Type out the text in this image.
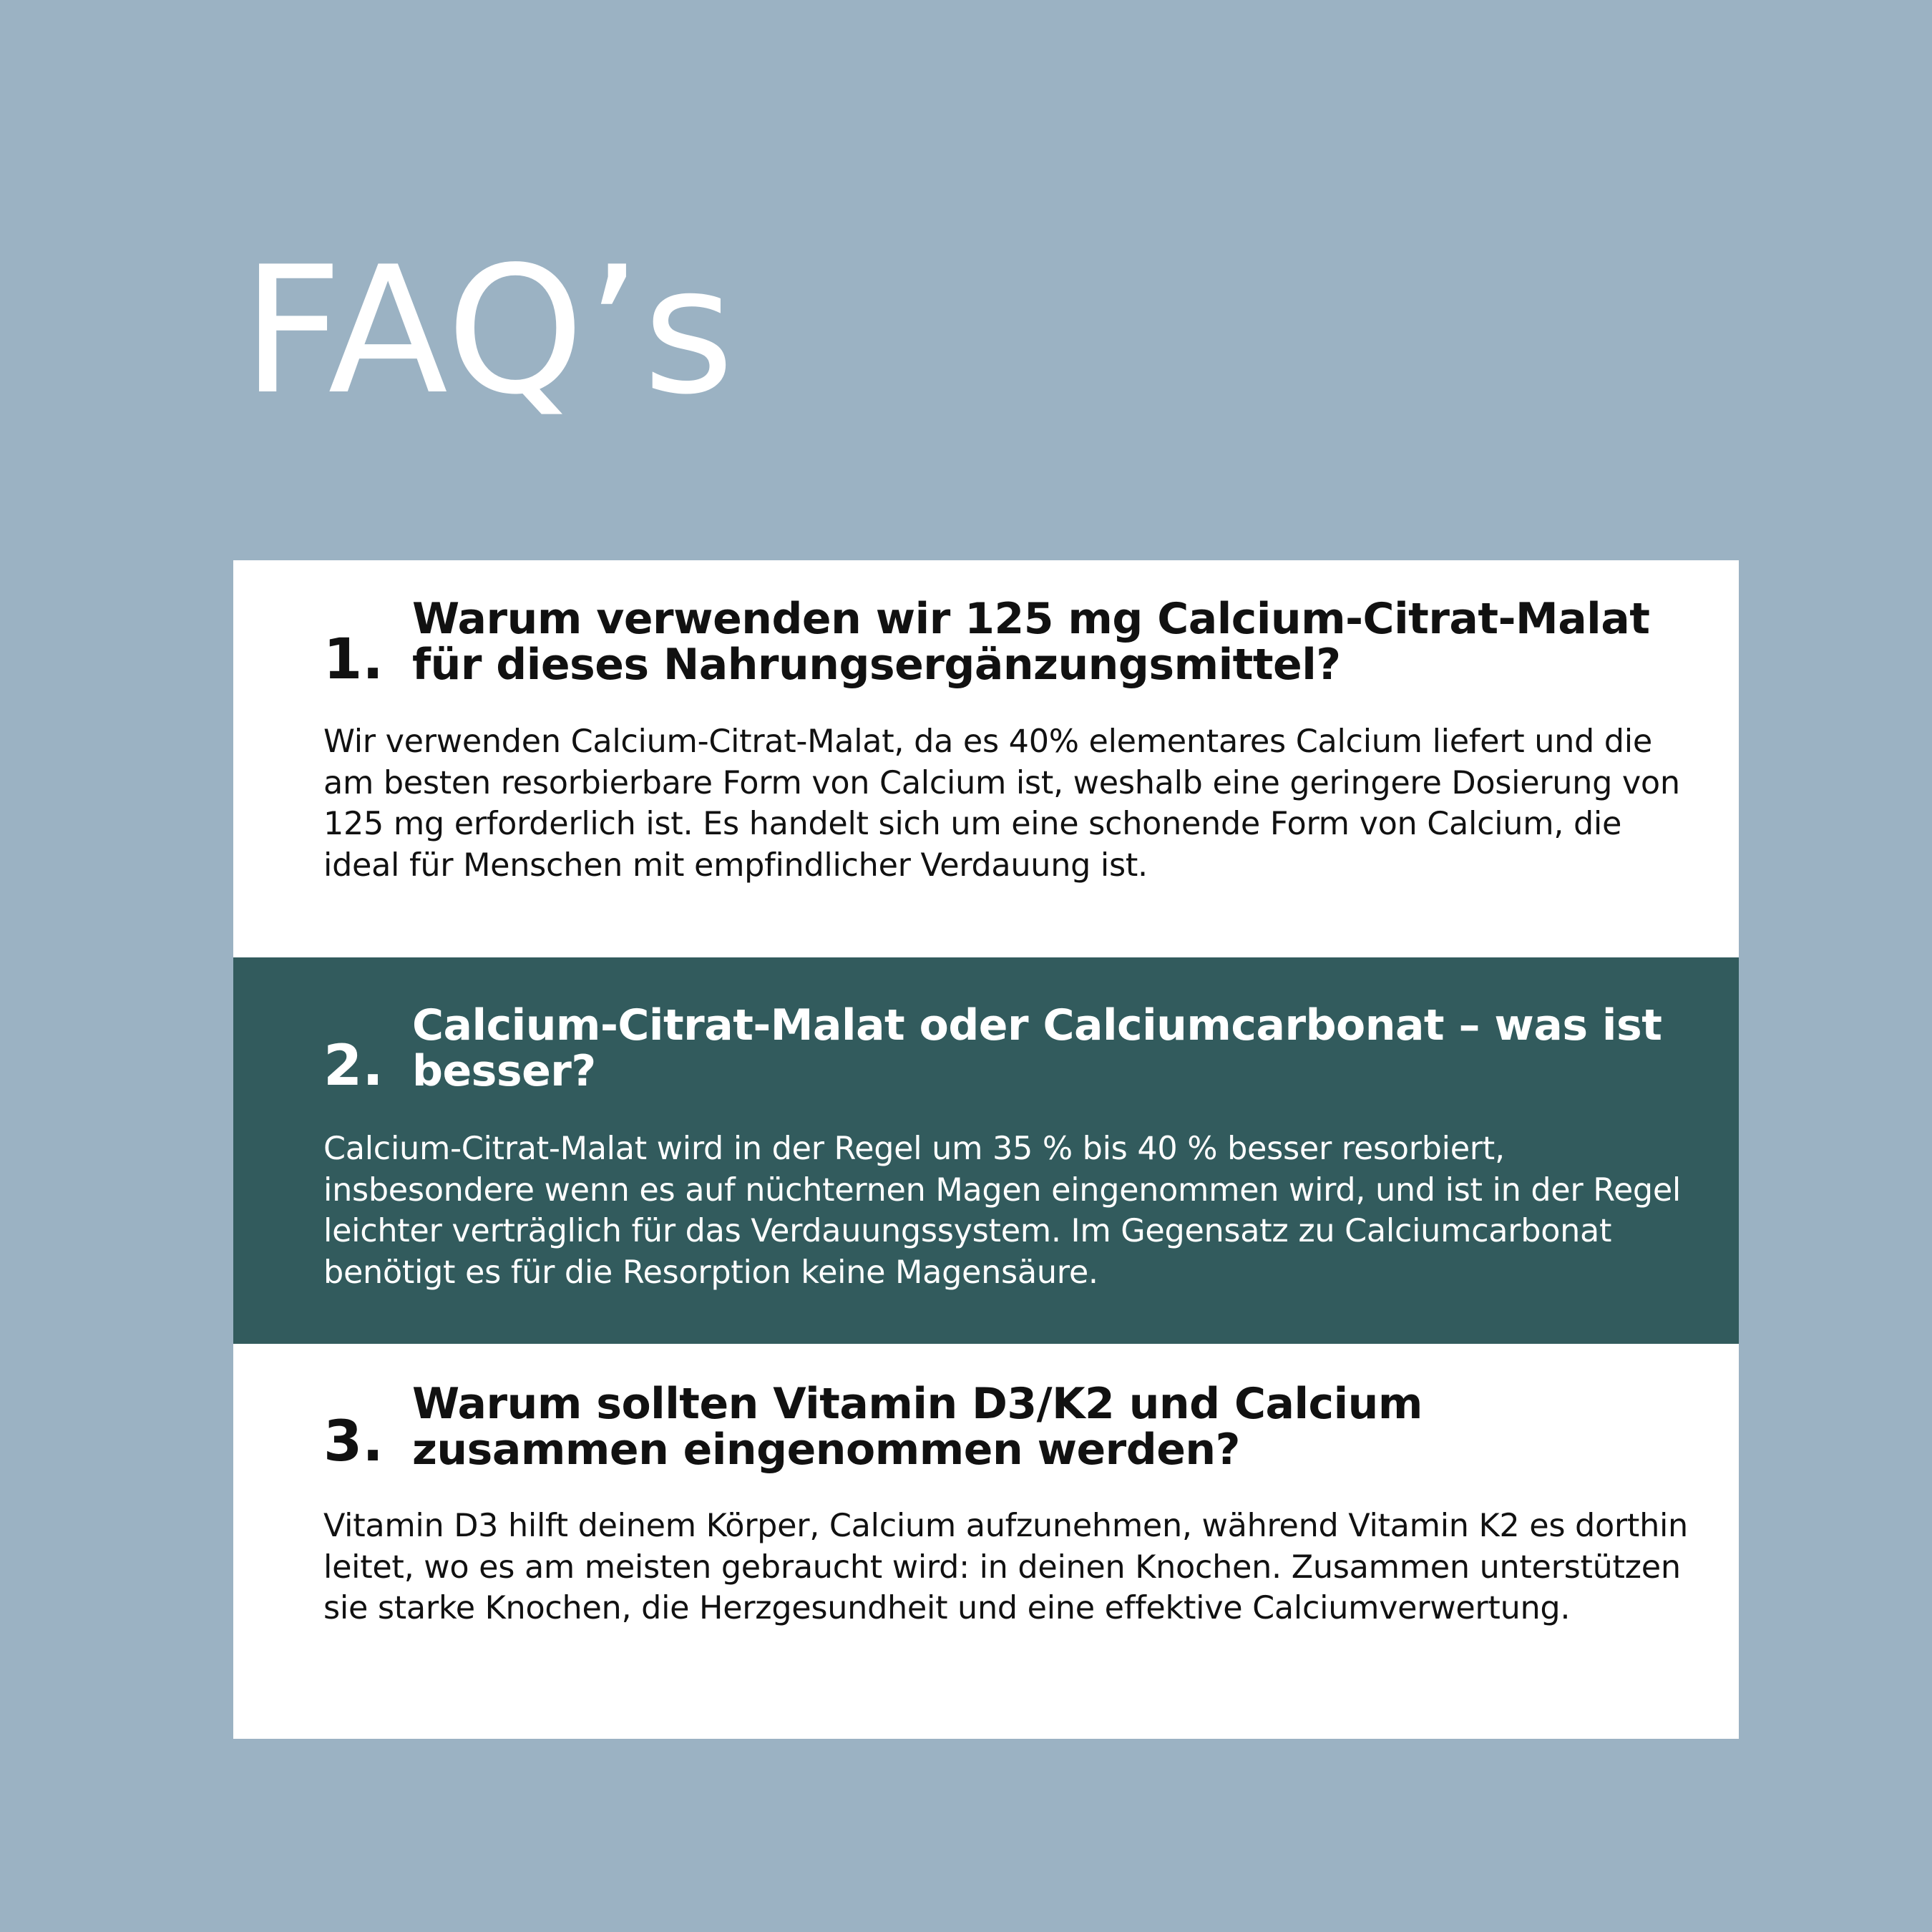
FAQ’s
1.
Warum verwenden wir 125 mg Calcium-Citrat-Malat für dieses Nahrungsergänzungsmittel?

Wir verwenden Calcium-Citrat-Malat, da es 40% elementares Calcium liefert und die am besten resorbierbare Form von Calcium ist, weshalb eine geringere Dosierung von 125 mg erforderlich ist. Es handelt sich um eine schonende Form von Calcium, die ideal für Menschen mit empfindlicher Verdauung ist.

2.
Calcium-Citrat-Malat oder Calciumcarbonat – was ist besser?

Calcium-Citrat-Malat wird in der Regel um 35 % bis 40 % besser resorbiert, insbesondere wenn es auf nüchternen Magen eingenommen wird, und ist in der Regel leichter verträglich für das Verdauungssystem. Im Gegensatz zu Calciumcarbonat benötigt es für die Resorption keine Magensäure.

3.
Warum sollten Vitamin D3/K2 und Calcium zusammen eingenommen werden?

Vitamin D3 hilft deinem Körper, Calcium aufzunehmen, während Vitamin K2 es dorthin leitet, wo es am meisten gebraucht wird: in deinen Knochen. Zusammen unterstützen sie starke Knochen, die Herzgesundheit und eine effektive Calciumverwertung.
